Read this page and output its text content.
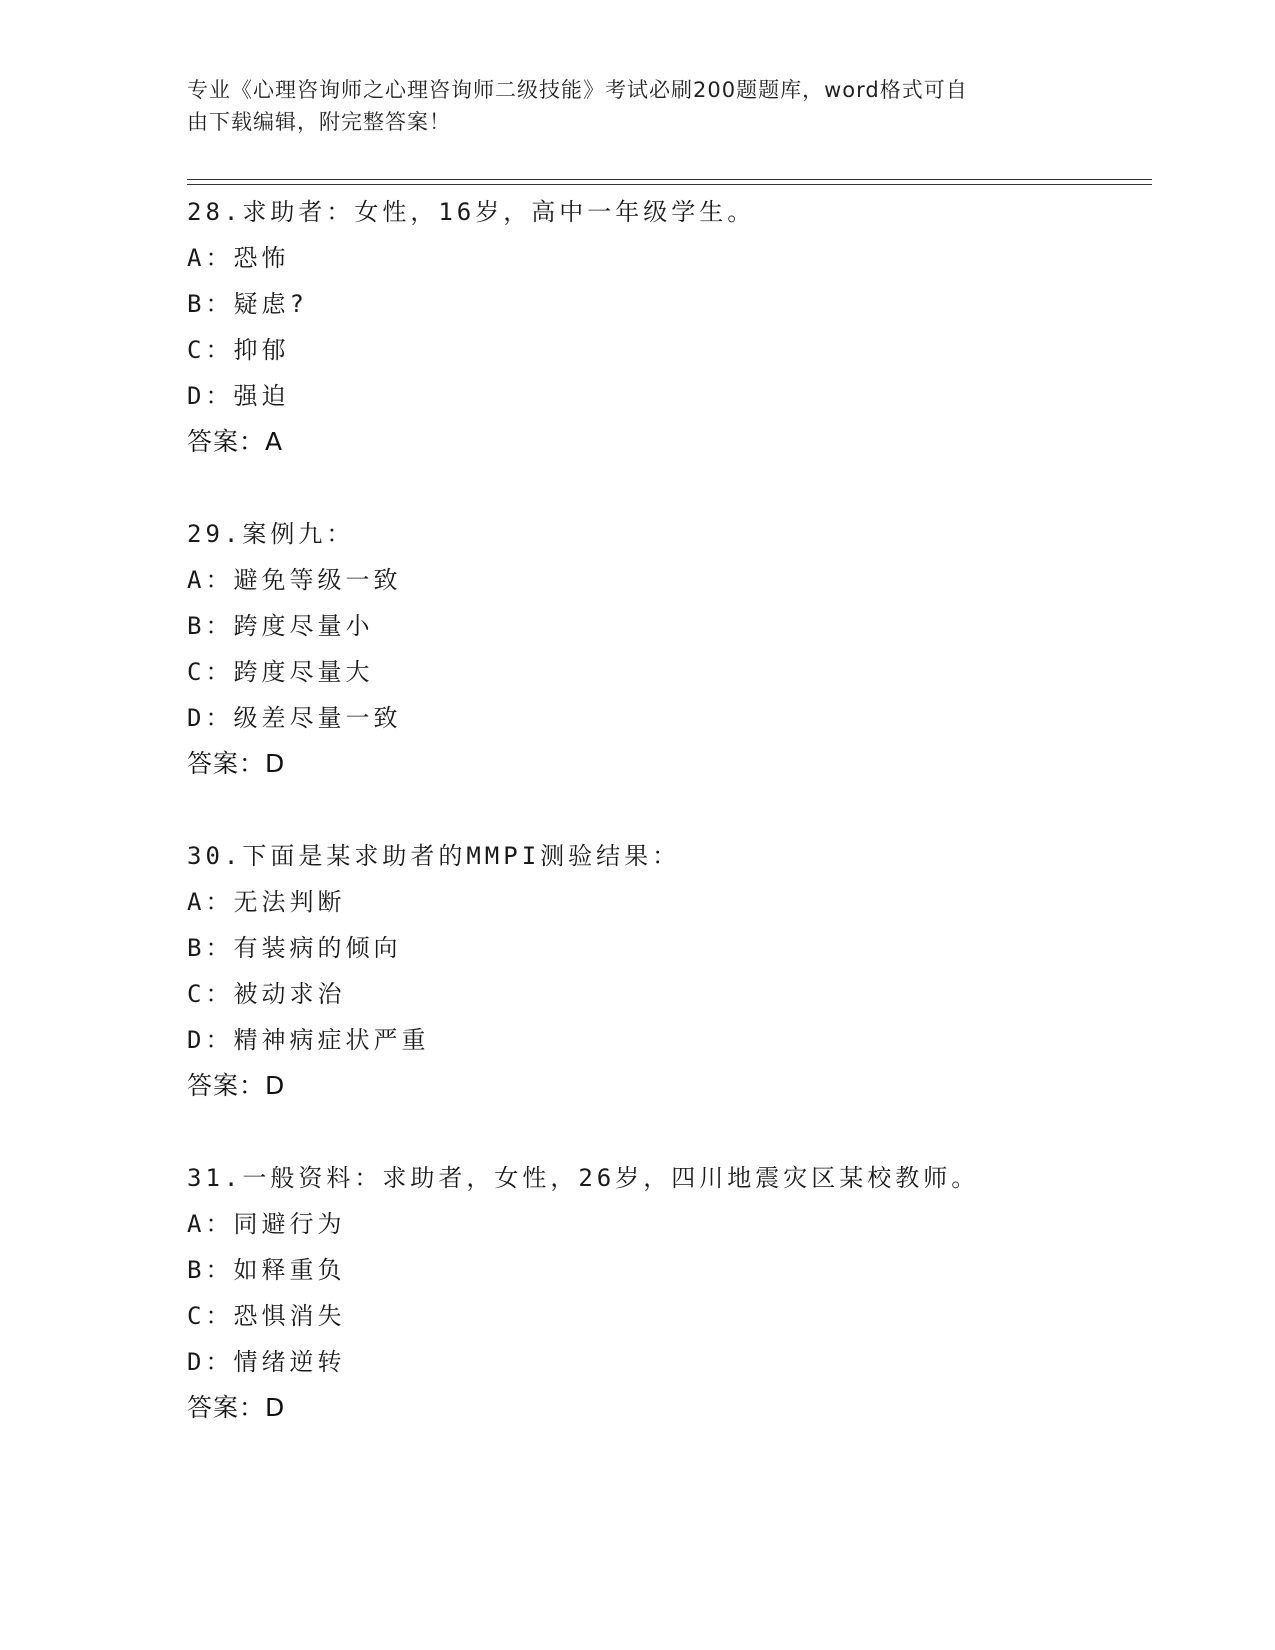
专业《心理咨询师之心理咨询师二级技能》考试必刷200题题库，word格式可自
由下载编辑，附完整答案！
28.求助者：女性，16岁，高中一年级学生。
A：恐怖
B：疑虑?
C：抑郁
D：强迫
答案：A
29.案例九：
A：避免等级一致
B：跨度尽量小
C：跨度尽量大
D：级差尽量一致
答案：D
30.下面是某求助者的MMPI测验结果：
A：无法判断
B：有装病的倾向
C：被动求治
D：精神病症状严重
答案：D
31.一般资料：求助者，女性，26岁，四川地震灾区某校教师。
A：同避行为
B：如释重负
C：恐惧消失
D：情绪逆转
答案：D
